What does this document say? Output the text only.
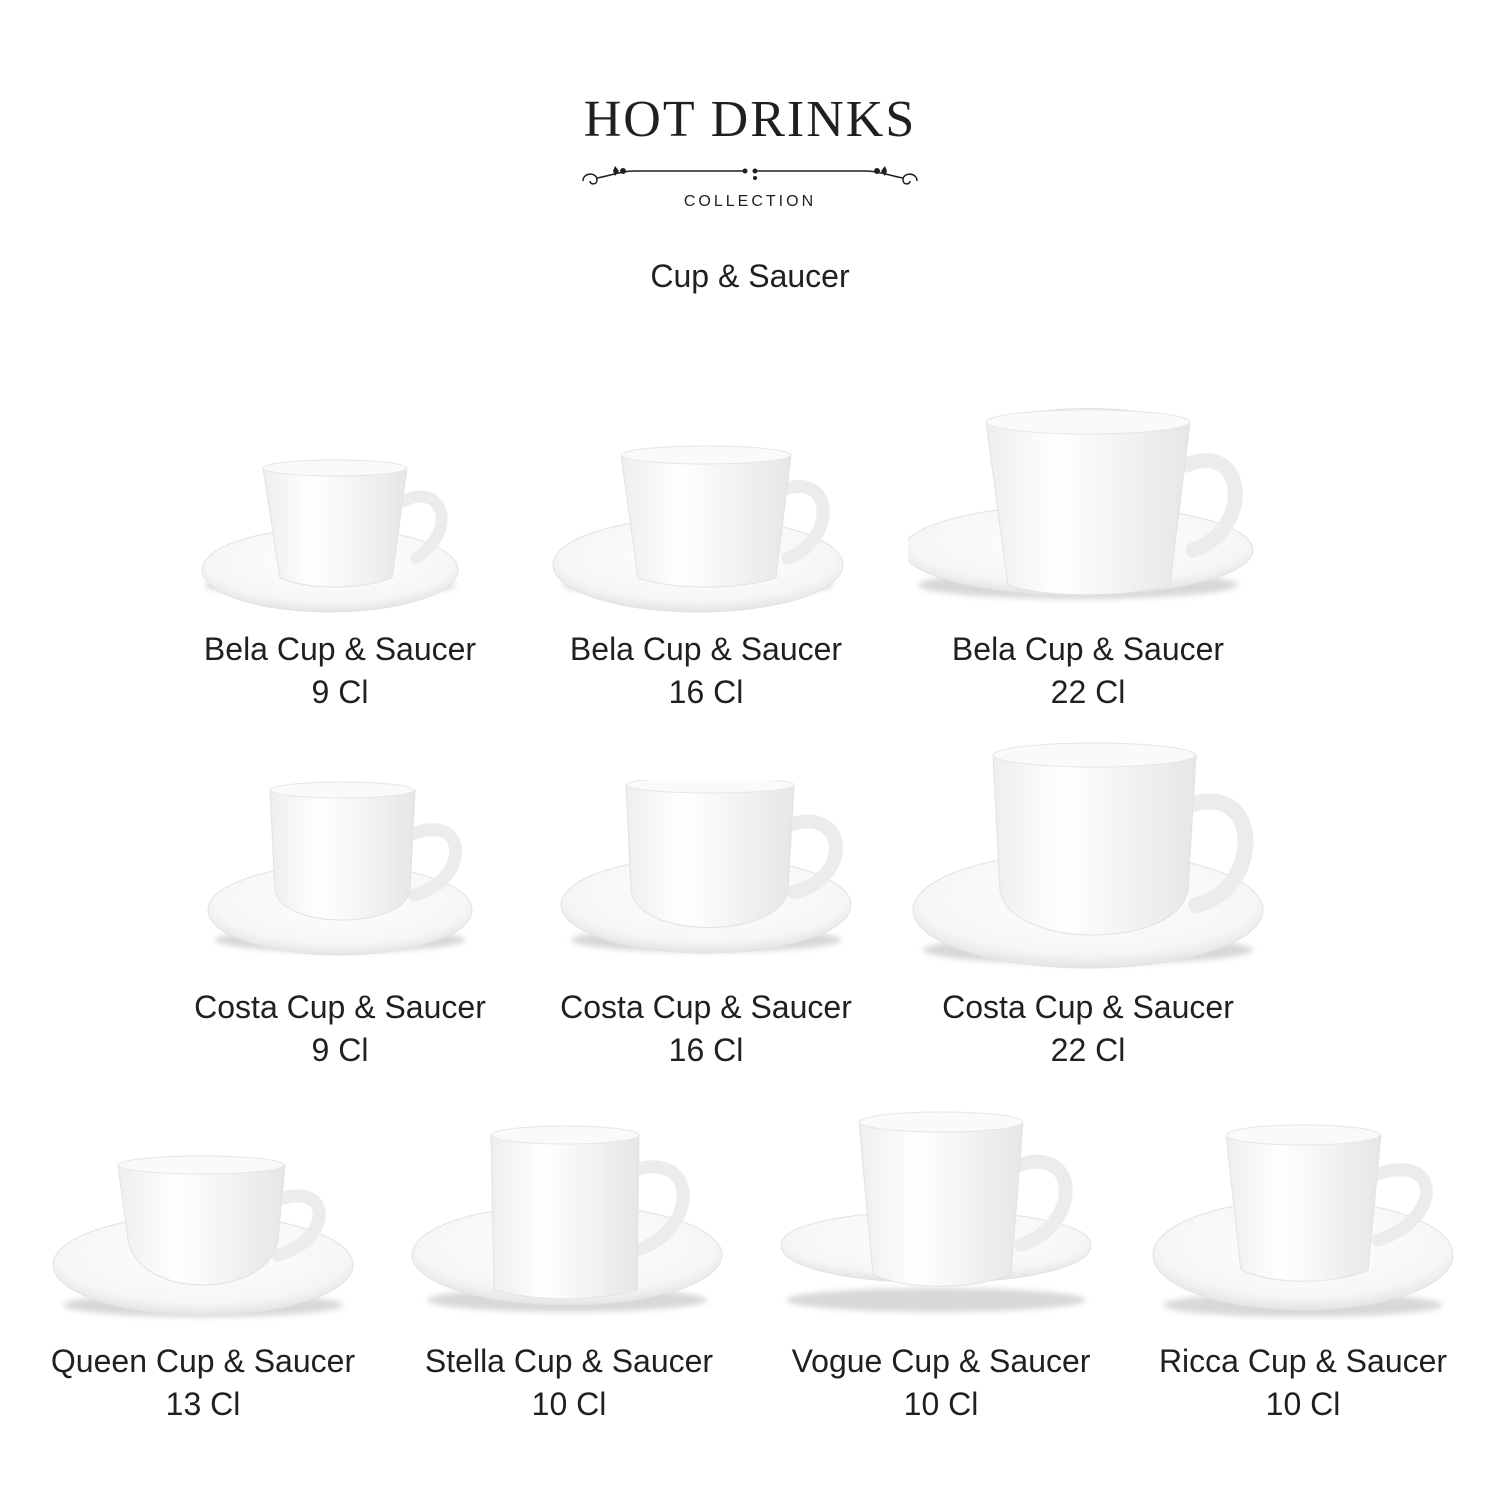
HOT DRINKS
COLLECTION
Cup & Saucer
Bela Cup & Saucer
9 Cl
Bela Cup & Saucer
16 Cl
Bela Cup & Saucer
22 Cl
Costa Cup & Saucer
9 Cl
Costa Cup & Saucer
16 Cl
Costa Cup & Saucer
22 Cl
Queen Cup & Saucer
13 Cl
Stella Cup & Saucer
10 Cl
Vogue Cup & Saucer
10 Cl
Ricca Cup & Saucer
10 Cl
